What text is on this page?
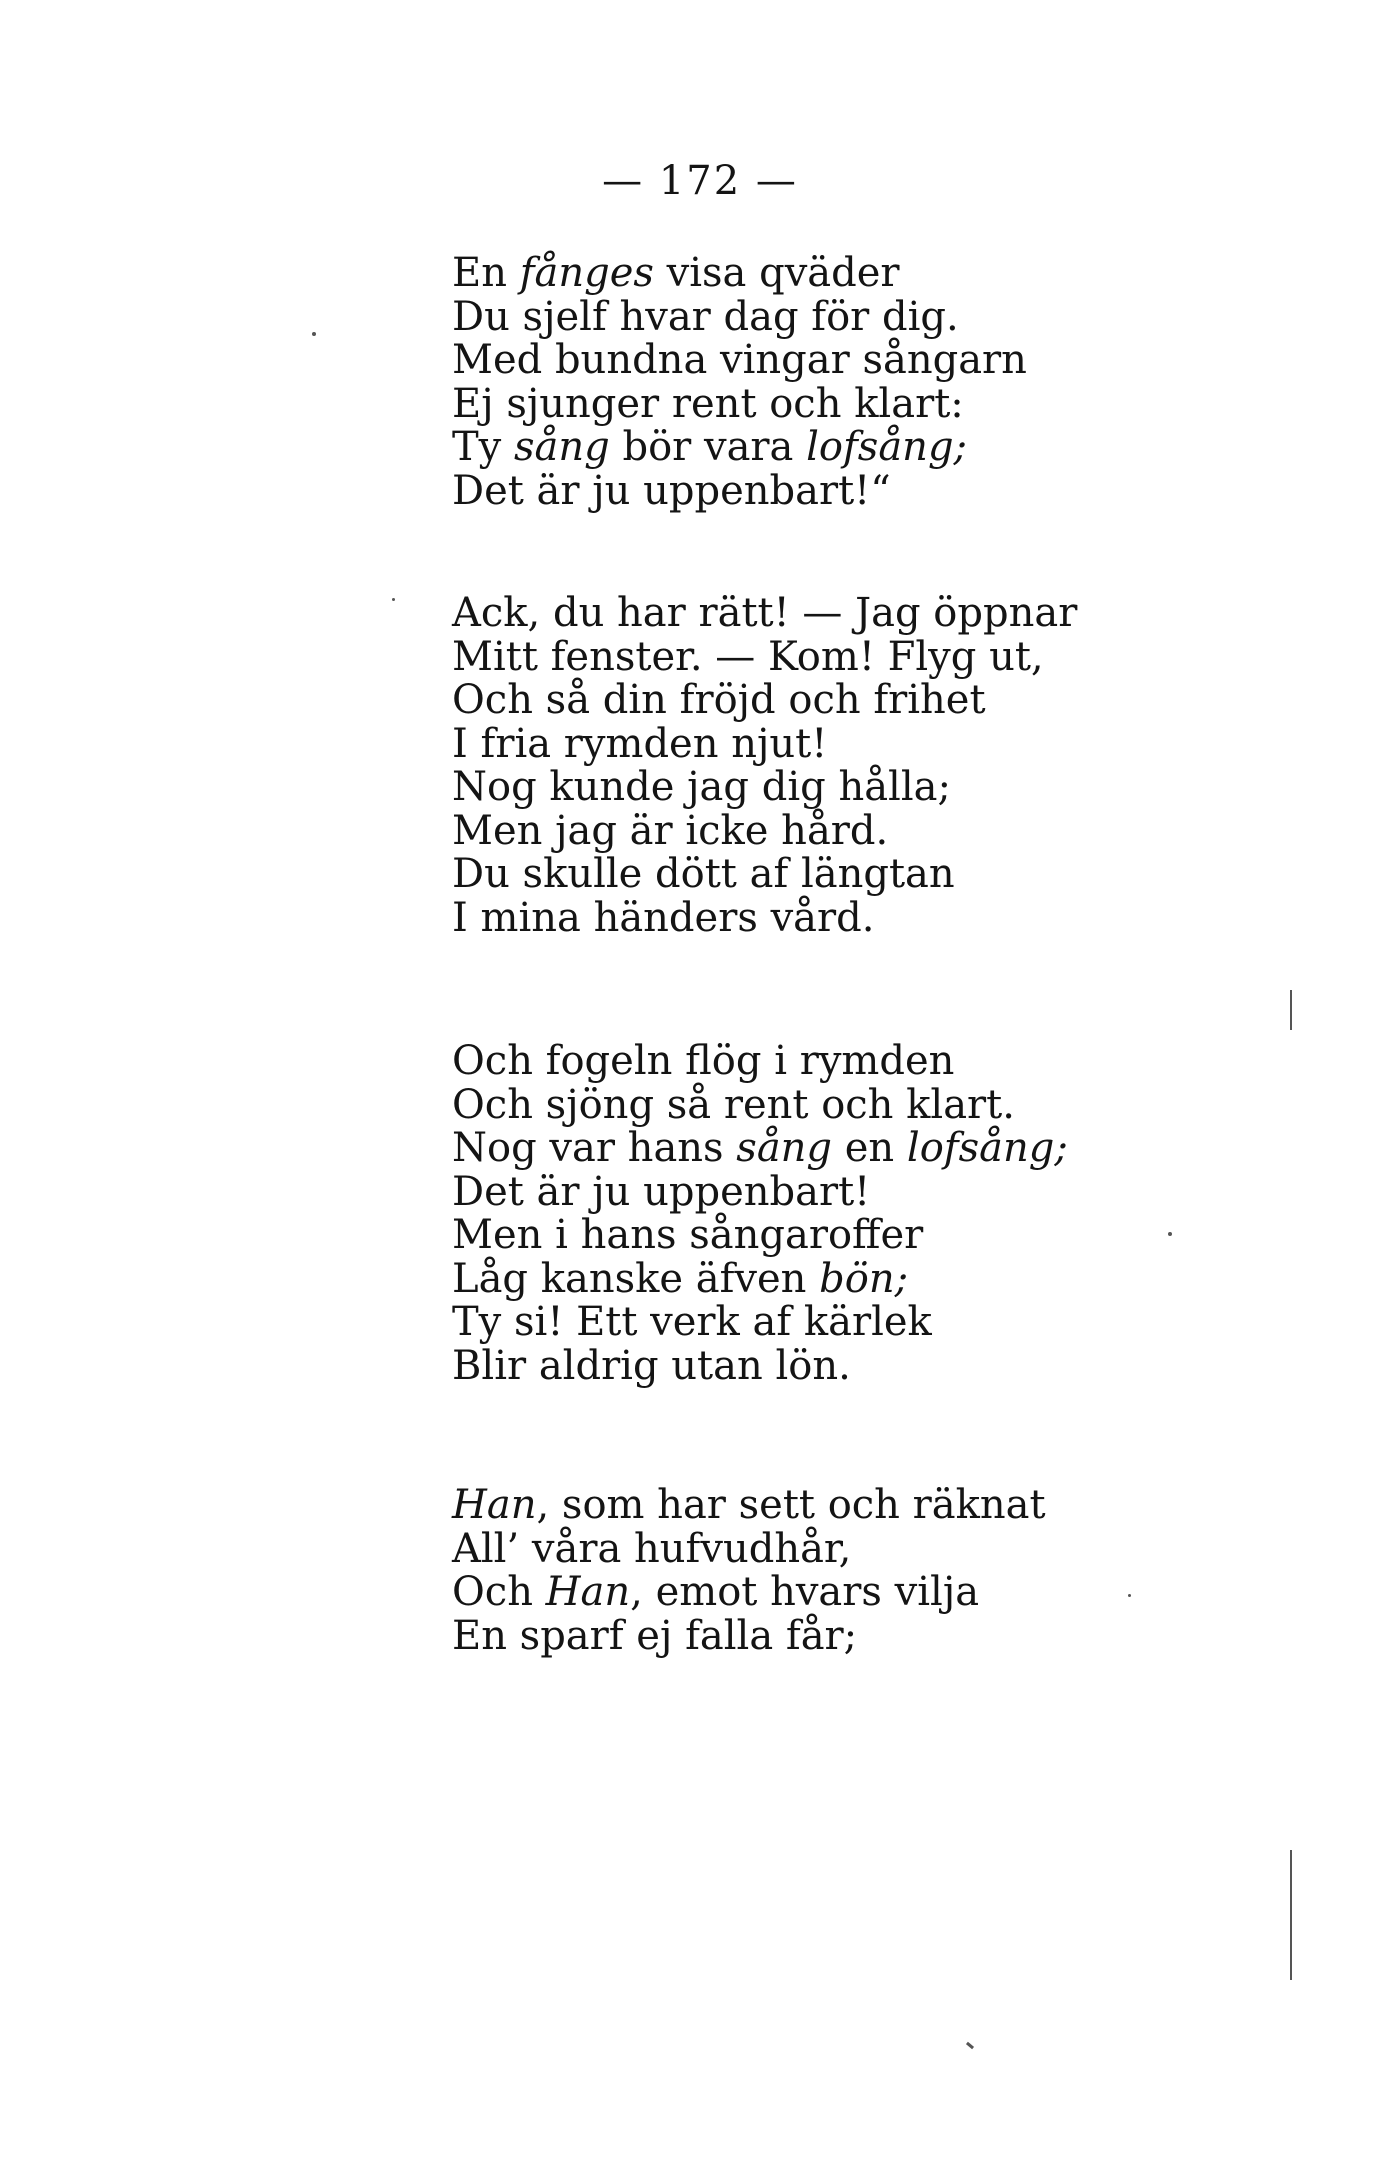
— 172 —
En fånges visa qväder
Du sjelf hvar dag för dig.
Med bundna vingar sångarn
Ej sjunger rent och klart:
Ty sång bör vara lofsång;
Det är ju uppenbart!“
Ack, du har rätt! — Jag öppnar
Mitt fenster. — Kom! Flyg ut,
Och så din fröjd och frihet
I fria rymden njut!
Nog kunde jag dig hålla;
Men jag är icke hård.
Du skulle dött af längtan
I mina händers vård.
Och fogeln flög i rymden
Och sjöng så rent och klart.
Nog var hans sång en lofsång;
Det är ju uppenbart!
Men i hans sångaroffer
Låg kanske äfven bön;
Ty si! Ett verk af kärlek
Blir aldrig utan lön.
Han, som har sett och räknat
All’ våra hufvudhår,
Och Han, emot hvars vilja
En sparf ej falla får;
